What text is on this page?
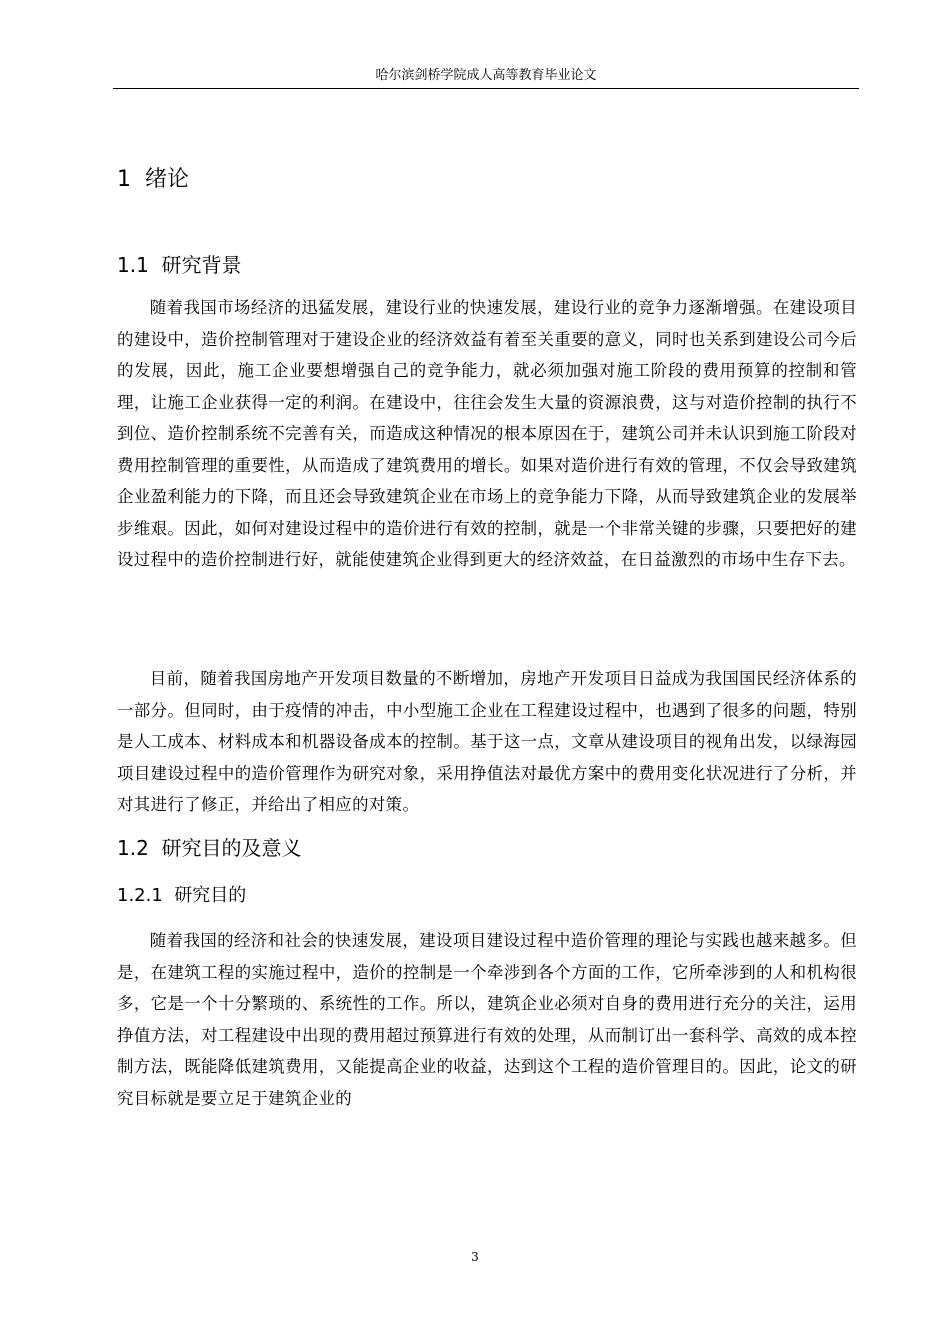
哈尔滨剑桥学院成人高等教育毕业论文
1 绪论
1.1 研究背景

随着我国市场经济的迅猛发展，建设行业的快速发展，建设行业的竞争力逐渐增强。在建设项目的建设中，造价控制管理对于建设企业的经济效益有着至关重要的意义，同时也关系到建设公司今后的发展，因此，施工企业要想增强自己的竞争能力，就必须加强对施工阶段的费用预算的控制和管理，让施工企业获得一定的利润。在建设中，往往会发生大量的资源浪费，这与对造价控制的执行不到位、造价控制系统不完善有关，而造成这种情况的根本原因在于，建筑公司并未认识到施工阶段对费用控制管理的重要性，从而造成了建筑费用的增长。如果对造价进行有效的管理，不仅会导致建筑企业盈利能力的下降，而且还会导致建筑企业在市场上的竞争能力下降，从而导致建筑企业的发展举步维艰。因此，如何对建设过程中的造价进行有效的控制，就是一个非常关键的步骤，只要把好的建设过程中的造价控制进行好，就能使建筑企业得到更大的经济效益，在日益激烈的市场中生存下去。

目前，随着我国房地产开发项目数量的不断增加，房地产开发项目日益成为我国国民经济体系的一部分。但同时，由于疫情的冲击，中小型施工企业在工程建设过程中，也遇到了很多的问题，特别是人工成本、材料成本和机器设备成本的控制。基于这一点，文章从建设项目的视角出发，以绿海园项目建设过程中的造价管理作为研究对象，采用挣值法对最优方案中的费用变化状况进行了分析，并对其进行了修正，并给出了相应的对策。

1.2 研究目的及意义
1.2.1 研究目的

随着我国的经济和社会的快速发展，建设项目建设过程中造价管理的理论与实践也越来越多。但是，在建筑工程的实施过程中，造价的控制是一个牵涉到各个方面的工作，它所牵涉到的人和机构很多，它是一个十分繁琐的、系统性的工作。所以，建筑企业必须对自身的费用进行充分的关注，运用挣值方法，对工程建设中出现的费用超过预算进行有效的处理，从而制订出一套科学、高效的成本控制方法，既能降低建筑费用，又能提高企业的收益，达到这个工程的造价管理目的。因此，论文的研究目标就是要立足于建筑企业的

3
